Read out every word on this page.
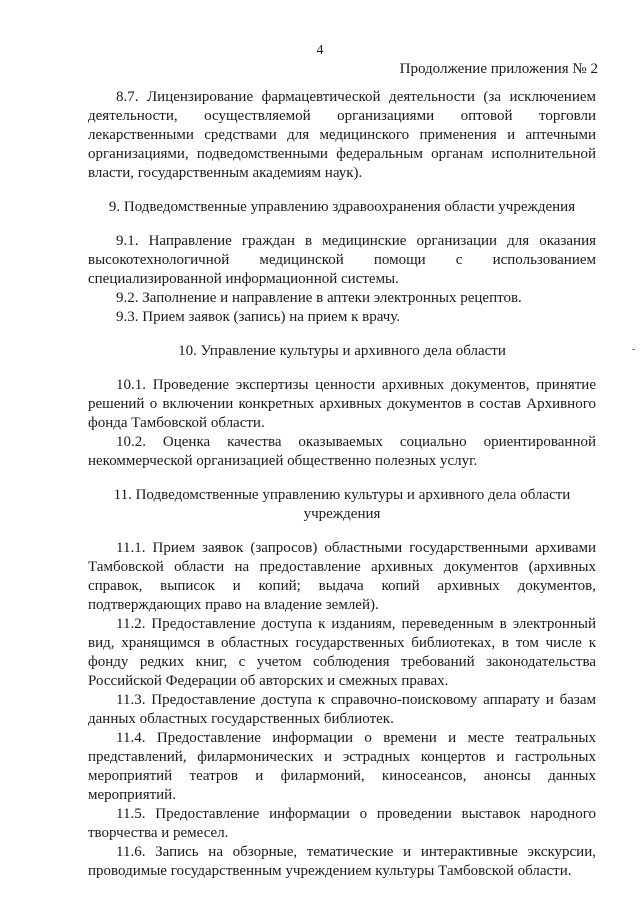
4
Продолжение приложения № 2

8.7. Лицензирование фармацевтической деятельности (за исключением деятельности, осуществляемой организациями оптовой торговли лекарственными средствами для медицинского применения и аптечными организациями, подведомственными федеральным органам исполнительной власти, государственным академиям наук).

9. Подведомственные управлению здравоохранения области учреждения

9.1. Направление граждан в медицинские организации для оказания высокотехнологичной медицинской помощи с использованием специализированной информационной системы.

9.2. Заполнение и направление в аптеки электронных рецептов.

9.3. Прием заявок (запись) на прием к врачу.

10. Управление культуры и архивного дела области

10.1. Проведение экспертизы ценности архивных документов, принятие решений о включении конкретных архивных документов в состав Архивного фонда Тамбовской области.

10.2. Оценка качества оказываемых социально ориентированной некоммерческой организацией общественно полезных услуг.

11. Подведомственные управлению культуры и архивного дела области учреждения

11.1. Прием заявок (запросов) областными государственными архивами Тамбовской области на предоставление архивных документов (архивных справок, выписок и копий; выдача копий архивных документов, подтверждающих право на владение землей).

11.2. Предоставление доступа к изданиям, переведенным в электронный вид, хранящимся в областных государственных библиотеках, в том числе к фонду редких книг, с учетом соблюдения требований законодательства Российской Федерации об авторских и смежных правах.

11.3. Предоставление доступа к справочно-поисковому аппарату и базам данных областных государственных библиотек.

11.4. Предоставление информации о времени и месте театральных представлений, филармонических и эстрадных концертов и гастрольных мероприятий театров и филармоний, киносеансов, анонсы данных мероприятий.

11.5. Предоставление информации о проведении выставок народного творчества и ремесел.

11.6. Запись на обзорные, тематические и интерактивные экскурсии, проводимые государственным учреждением культуры Тамбовской области.

-
